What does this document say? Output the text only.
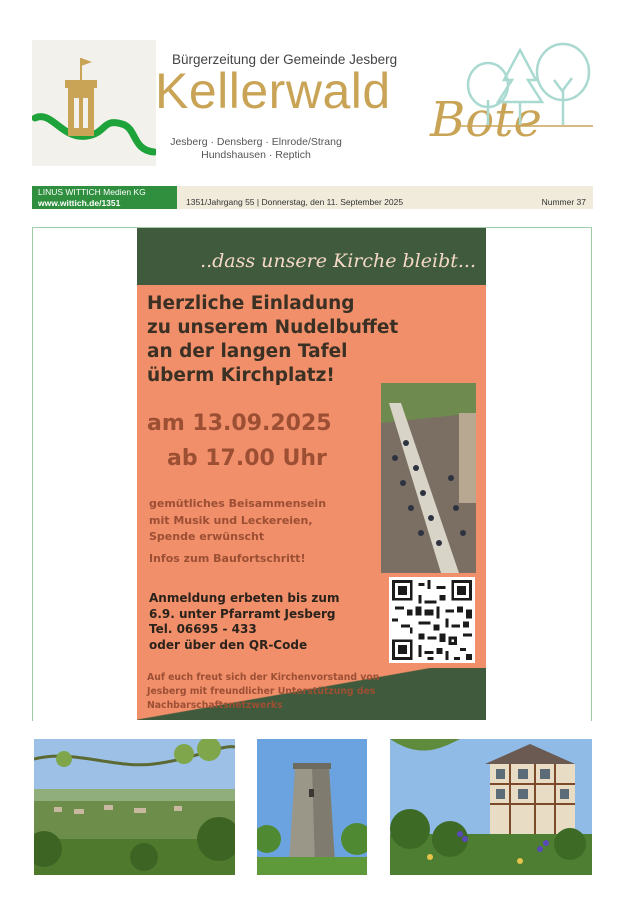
Bürgerzeitung der Gemeinde Jesberg
Kellerwald
Bote
Jesberg · Densberg · Elnrode/Strang
Hundshausen · Reptich
LINUS WITTICH Medien KG
www.wittich.de/1351	1351/Jahrgang 55 | Donnerstag, den 11. September 2025	Nummer 37
..dass unsere Kirche bleibt...
Herzliche Einladung
zu unserem Nudelbuffet
an der langen Tafel
überm Kirchplatz!
am 13.09.2025
ab 17.00 Uhr
gemütliches Beisammensein
mit Musik und Leckereien,
Spende erwünscht
Infos zum Baufortschritt!
Anmeldung erbeten bis zum
6.9. unter Pfarramt Jesberg
Tel. 06695 - 433
oder über den QR-Code
Auf euch freut sich der Kirchenvorstand von
Jesberg mit freundlicher Unterstützung des
Nachbarschaftsnetzwerks
